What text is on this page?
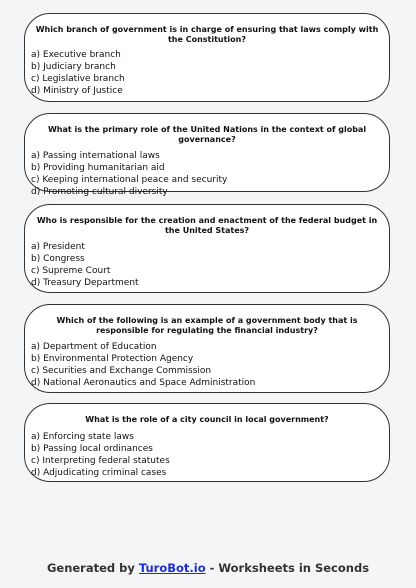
Which branch of government is in charge of ensuring that laws comply with the Constitution?

a) Executive branch
b) Judiciary branch
c) Legislative branch
d) Ministry of Justice

What is the primary role of the United Nations in the context of global governance?

a) Passing international laws
b) Providing humanitarian aid
c) Keeping international peace and security
d) Promoting cultural diversity

Who is responsible for the creation and enactment of the federal budget in the United States?

a) President
b) Congress
c) Supreme Court
d) Treasury Department

Which of the following is an example of a government body that is responsible for regulating the financial industry?

a) Department of Education
b) Environmental Protection Agency
c) Securities and Exchange Commission
d) National Aeronautics and Space Administration

What is the role of a city council in local government?

a) Enforcing state laws
b) Passing local ordinances
c) Interpreting federal statutes
d) Adjudicating criminal cases
Generated by TuroBot.io - Worksheets in Seconds
